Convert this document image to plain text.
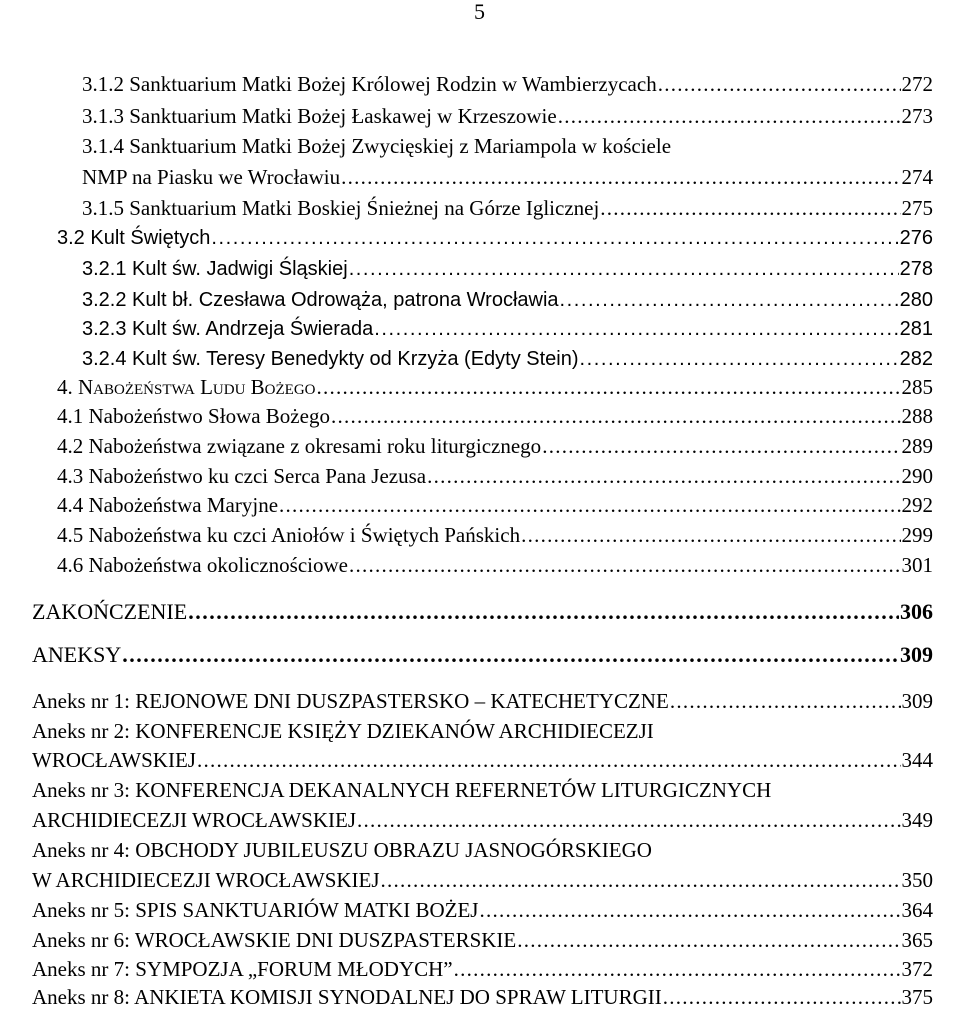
5
3.1.2 Sanktuarium Matki Bożej Królowej Rodzin w Wambierzycach . . .	272
3.1.3 Sanktuarium Matki Bożej Łaskawej w Krzeszowie . . .	273
3.1.4 Sanktuarium Matki Bożej Zwycięskiej z Mariampola w kościele
NMP na Piasku we Wrocławiu . . .	274
3.1.5 Sanktuarium Matki Boskiej Śnieżnej na Górze Iglicznej . . .	275
3.2 Kult Świętych . . .	276
3.2.1 Kult św. Jadwigi Śląskiej . . .	278
3.2.2 Kult bł. Czesława Odrowąża, patrona Wrocławia . . .	280
3.2.3 Kult św. Andrzeja Świerada . . .	281
3.2.4 Kult św. Teresy Benedykty od Krzyża (Edyty Stein) . . .	282
4. Nabożeństwa Ludu Bożego . . .	285
4.1 Nabożeństwo Słowa Bożego . . .	288
4.2 Nabożeństwa związane z okresami roku liturgicznego . . .	289
4.3 Nabożeństwo ku czci Serca Pana Jezusa . . .	290
4.4 Nabożeństwa Maryjne . . .	292
4.5 Nabożeństwa ku czci Aniołów i Świętych Pańskich . . .	299
4.6 Nabożeństwa okolicznościowe . . .	301
ZAKOŃCZENIE . . .	306
ANEKSY . . .	309
Aneks nr 1: REJONOWE DNI DUSZPASTERSKO – KATECHETYCZNE . . .	309
Aneks nr 2: KONFERENCJE KSIĘŻY DZIEKANÓW ARCHIDIECEZJI
WROCŁAWSKIEJ . . .	344
Aneks nr 3: KONFERENCJA DEKANALNYCH REFERNETÓW LITURGICZNYCH
ARCHIDIECEZJI WROCŁAWSKIEJ . . .	349
Aneks nr 4: OBCHODY JUBILEUSZU OBRAZU JASNOGÓRSKIEGO
W ARCHIDIECEZJI WROCŁAWSKIEJ . . .	350
Aneks nr 5: SPIS SANKTUARIÓW MATKI BOŻEJ . . .	364
Aneks nr 6: WROCŁAWSKIE DNI DUSZPASTERSKIE . . .	365
Aneks nr 7: SYMPOZJA „FORUM MŁODYCH” . . .	372
Aneks nr 8: ANKIETA KOMISJI SYNODALNEJ DO SPRAW LITURGII . . .	375
